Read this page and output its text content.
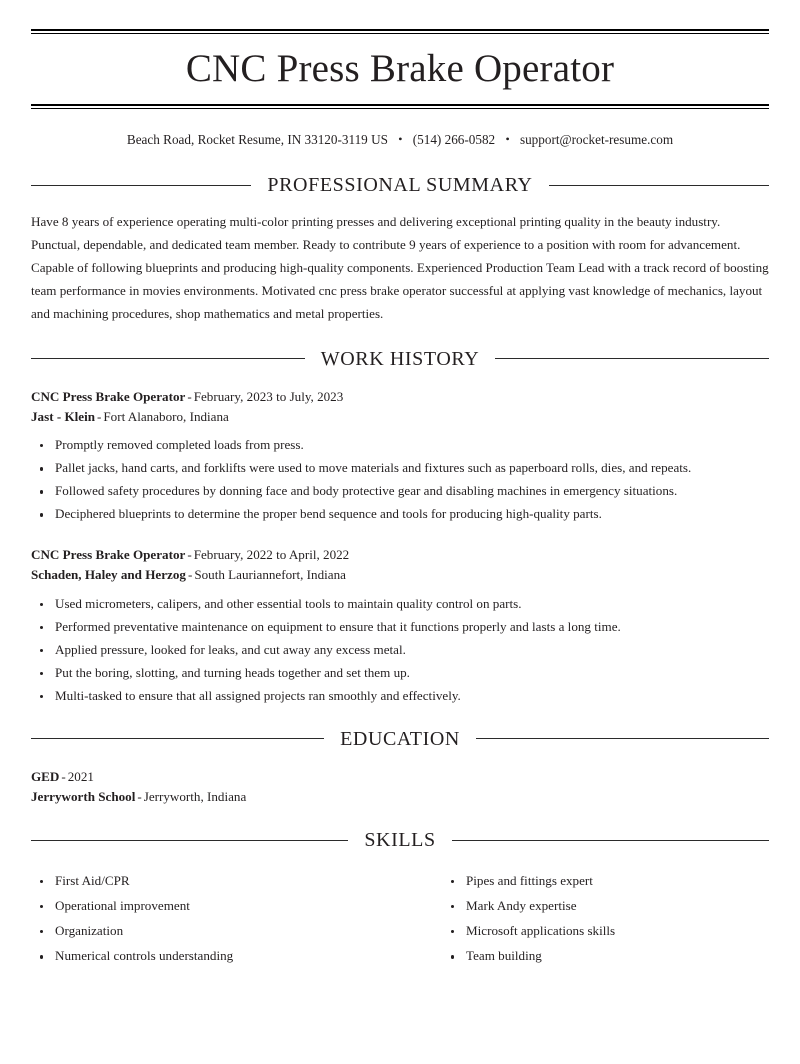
CNC Press Brake Operator
Beach Road, Rocket Resume, IN 33120-3119 US • (514) 266-0582 • support@rocket-resume.com
PROFESSIONAL SUMMARY

Have 8 years of experience operating multi-color printing presses and delivering exceptional printing quality in the beauty industry. Punctual, dependable, and dedicated team member. Ready to contribute 9 years of experience to a position with room for advancement. Capable of following blueprints and producing high-quality components. Experienced Production Team Lead with a track record of boosting team performance in movies environments. Motivated cnc press brake operator successful at applying vast knowledge of mechanics, layout and machining procedures, shop mathematics and metal properties.

WORK HISTORY
CNC Press Brake Operator - February, 2023 to July, 2023
Jast - Klein - Fort Alanaboro, Indiana
Promptly removed completed loads from press.
Pallet jacks, hand carts, and forklifts were used to move materials and fixtures such as paperboard rolls, dies, and repeats.
Followed safety procedures by donning face and body protective gear and disabling machines in emergency situations.
Deciphered blueprints to determine the proper bend sequence and tools for producing high-quality parts.
CNC Press Brake Operator - February, 2022 to April, 2022
Schaden, Haley and Herzog - South Lauriannefort, Indiana
Used micrometers, calipers, and other essential tools to maintain quality control on parts.
Performed preventative maintenance on equipment to ensure that it functions properly and lasts a long time.
Applied pressure, looked for leaks, and cut away any excess metal.
Put the boring, slotting, and turning heads together and set them up.
Multi-tasked to ensure that all assigned projects ran smoothly and effectively.
EDUCATION
GED - 2021
Jerryworth School - Jerryworth, Indiana
SKILLS
First Aid/CPR
Operational improvement
Organization
Numerical controls understanding
Pipes and fittings expert
Mark Andy expertise
Microsoft applications skills
Team building
